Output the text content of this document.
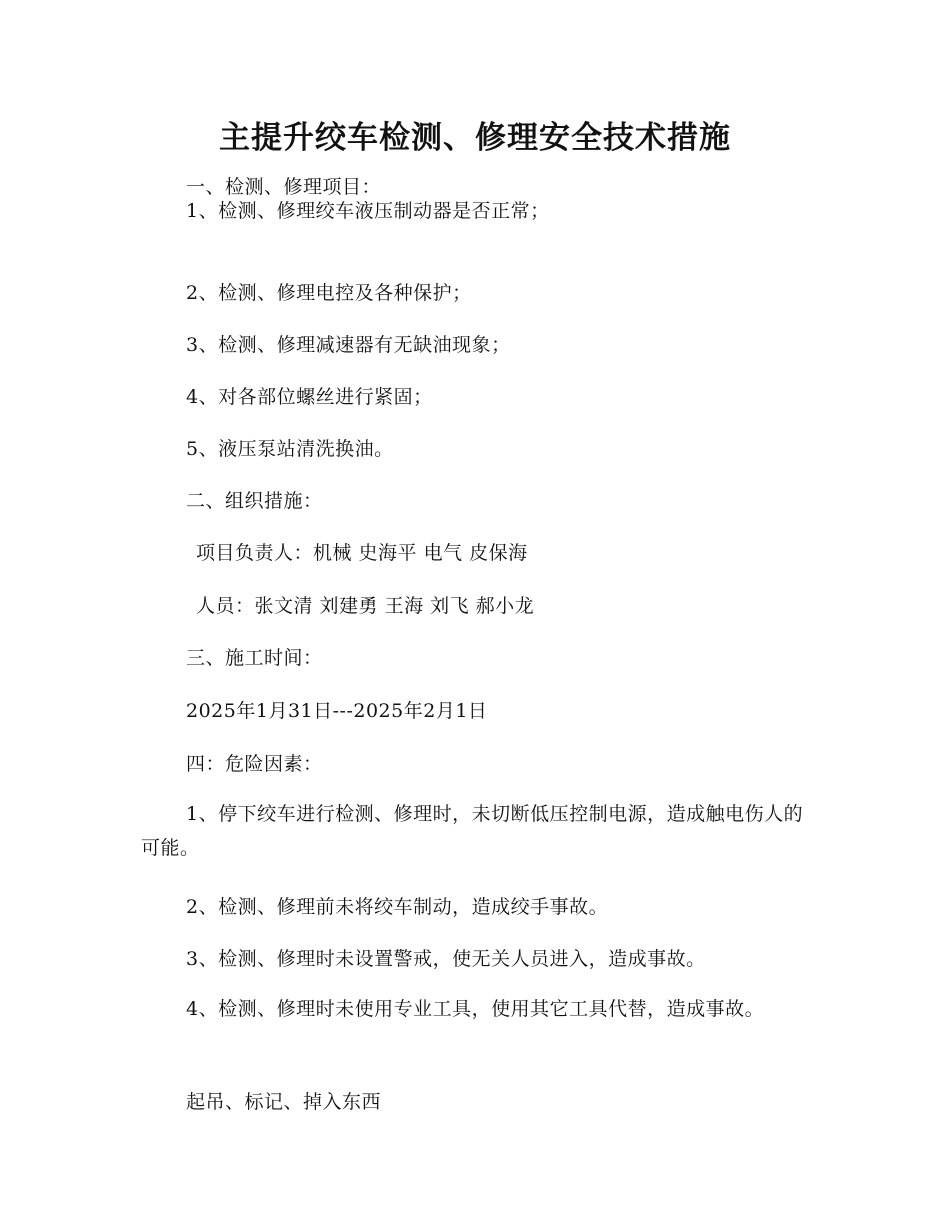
主提升绞车检测、修理安全技术措施

一、检测、修理项目：

1、检测、修理绞车液压制动器是否正常；

2、检测、修理电控及各种保护；

3、检测、修理减速器有无缺油现象；

4、对各部位螺丝进行紧固；

5、液压泵站清洗换油。

二、组织措施：

项目负责人：机械 史海平 电气 皮保海

人员：张文清 刘建勇 王海 刘飞 郝小龙

三、施工时间：

2025年1月31日---2025年2月1日

四：危险因素：

1、停下绞车进行检测、修理时，未切断低压控制电源，造成触电伤人的可能。

2、检测、修理前未将绞车制动，造成绞手事故。

3、检测、修理时未设置警戒，使无关人员进入，造成事故。

4、检测、修理时未使用专业工具，使用其它工具代替，造成事故。

起吊、标记、掉入东西
